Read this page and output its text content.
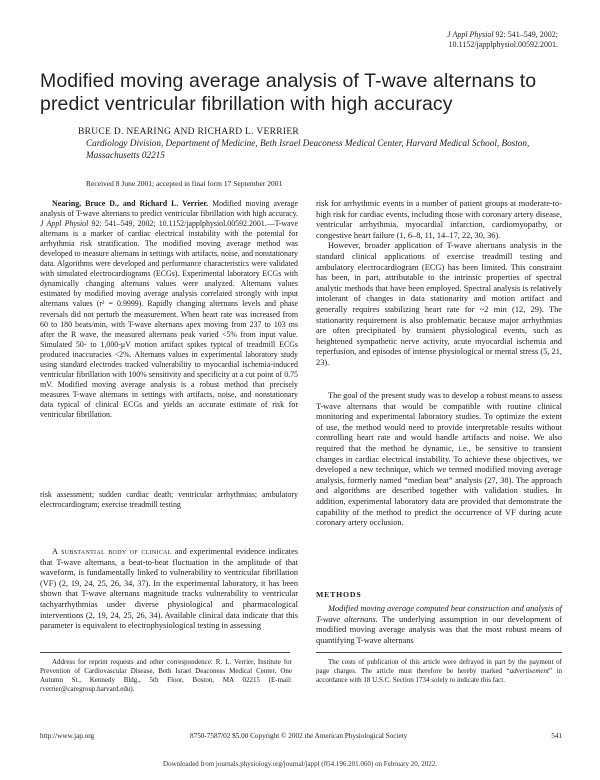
J Appl Physiol 92: 541–549, 2002;
10.1152/japplphysiol.00592.2001.
Modified moving average analysis of T-wave alternans to predict ventricular fibrillation with high accuracy
BRUCE D. NEARING AND RICHARD L. VERRIER
Cardiology Division, Department of Medicine, Beth Israel Deaconess Medical Center, Harvard Medical School, Boston, Massachusetts 02215
Received 8 June 2001; accepted in final form 17 September 2001

Nearing, Bruce D., and Richard L. Verrier. Modified moving average analysis of T-wave alternans to predict ventricular fibrillation with high accuracy. J Appl Physiol 92: 541–549, 2002; 10.1152/japplphysiol.00592.2001.—T-wave alternans is a marker of cardiac electrical instability with the potential for arrhythmia risk stratification. The modified moving average method was developed to measure alternans in settings with artifacts, noise, and nonstationary data. Algorithms were developed and performance characteristics were validated with simulated electrocardiograms (ECGs). Experimental laboratory ECGs with dynamically changing alternans values were analyzed. Alternans values estimated by modified moving average analysis correlated strongly with input alternans values (r² = 0.9999). Rapidly changing alternans levels and phase reversals did not perturb the measurement. When heart rate was increased from 60 to 180 beats/min, with T-wave alternans apex moving from 237 to 103 ms after the R wave, the measured alternans peak varied <5% from input value. Simulated 50- to 1,000-μV motion artifact spikes typical of treadmill ECGs produced inaccuracies <2%. Alternans values in experimental laboratory study using standard electrodes tracked vulnerability to myocardial ischemia-induced ventricular fibrillation with 100% sensitivity and specificity at a cut point of 0.75 mV. Modified moving average analysis is a robust method that precisely measures T-wave alternans in settings with artifacts, noise, and nonstationary data typical of clinical ECGs and yields an accurate estimate of risk for ventricular fibrillation.

risk assessment; sudden cardiac death; ventricular arrhythmias; ambulatory electrocardiogram; exercise treadmill testing

A substantial body of clinical and experimental evidence indicates that T-wave alternans, a beat-to-beat fluctuation in the amplitude of that waveform, is fundamentally linked to vulnerability to ventricular fibrillation (VF) (2, 19, 24, 25, 26, 34, 37). In the experimental laboratory, it has been shown that T-wave alternans magnitude tracks vulnerability to ventricular tachyarrhythmias under diverse physiological and pharmacological interventions (2, 19, 24, 25, 26, 34). Available clinical data indicate that this parameter is equivalent to electrophysiological testing in assessing

risk for arrhythmic events in a number of patient groups at moderate-to-high risk for cardiac events, including those with coronary artery disease, ventricular arrhythmia, myocardial infarction, cardiomyopathy, or congestive heart failure (1, 6–8, 11, 14–17, 22, 30, 36).

However, broader application of T-wave alternans analysis in the standard clinical applications of exercise treadmill testing and ambulatory electrocardiogram (ECG) has been limited. This constraint has been, in part, attributable to the intrinsic properties of spectral analytic methods that have been employed. Spectral analysis is relatively intolerant of changes in data stationarity and motion artifact and generally requires stabilizing heart rate for ~2 min (12, 29). The stationarity requirement is also problematic because major arrhythmias are often precipitated by transient physiological events, such as heightened sympathetic nerve activity, acute myocardial ischemia and reperfusion, and episodes of intense physiological or mental stress (5, 21, 23).

The goal of the present study was to develop a robust means to assess T-wave alternans that would be compatible with routine clinical monitoring and experimental laboratory studies. To optimize the extent of use, the method would need to provide interpretable results without controlling heart rate and would handle artifacts and noise. We also required that the method be dynamic, i.e., be sensitive to transient changes in cardiac electrical instability. To achieve these objectives, we developed a new technique, which we termed modified moving average analysis, formerly named “median beat” analysis (27, 38). The approach and algorithms are described together with validation studies. In addition, experimental laboratory data are provided that demonstrate the capability of the method to predict the occurrence of VF during acute coronary artery occlusion.

METHODS

Modified moving average computed beat construction and analysis of T-wave alternans. The underlying assumption in our development of modified moving average analysis was that the most robust means of quantifying T-wave alternans

Address for reprint requests and other correspondence: R. L. Verrier, Institute for Prevention of Cardiovascular Disease, Beth Israel Deaconess Medical Center, One Autumn St., Kennedy Bldg., 5th Floor, Boston, MA 02215 (E-mail: rverrier@caregroup.harvard.edu).

The costs of publication of this article were defrayed in part by the payment of page charges. The article must therefore be hereby marked “advertisement” in accordance with 18 U.S.C. Section 1734 solely to indicate this fact.

http://www.jap.org	8750-7587/02 $5.00 Copyright © 2002 the American Physiological Society	541
Downloaded from journals.physiology.org/journal/jappl (054.196.201.060) on February 20, 2022.
